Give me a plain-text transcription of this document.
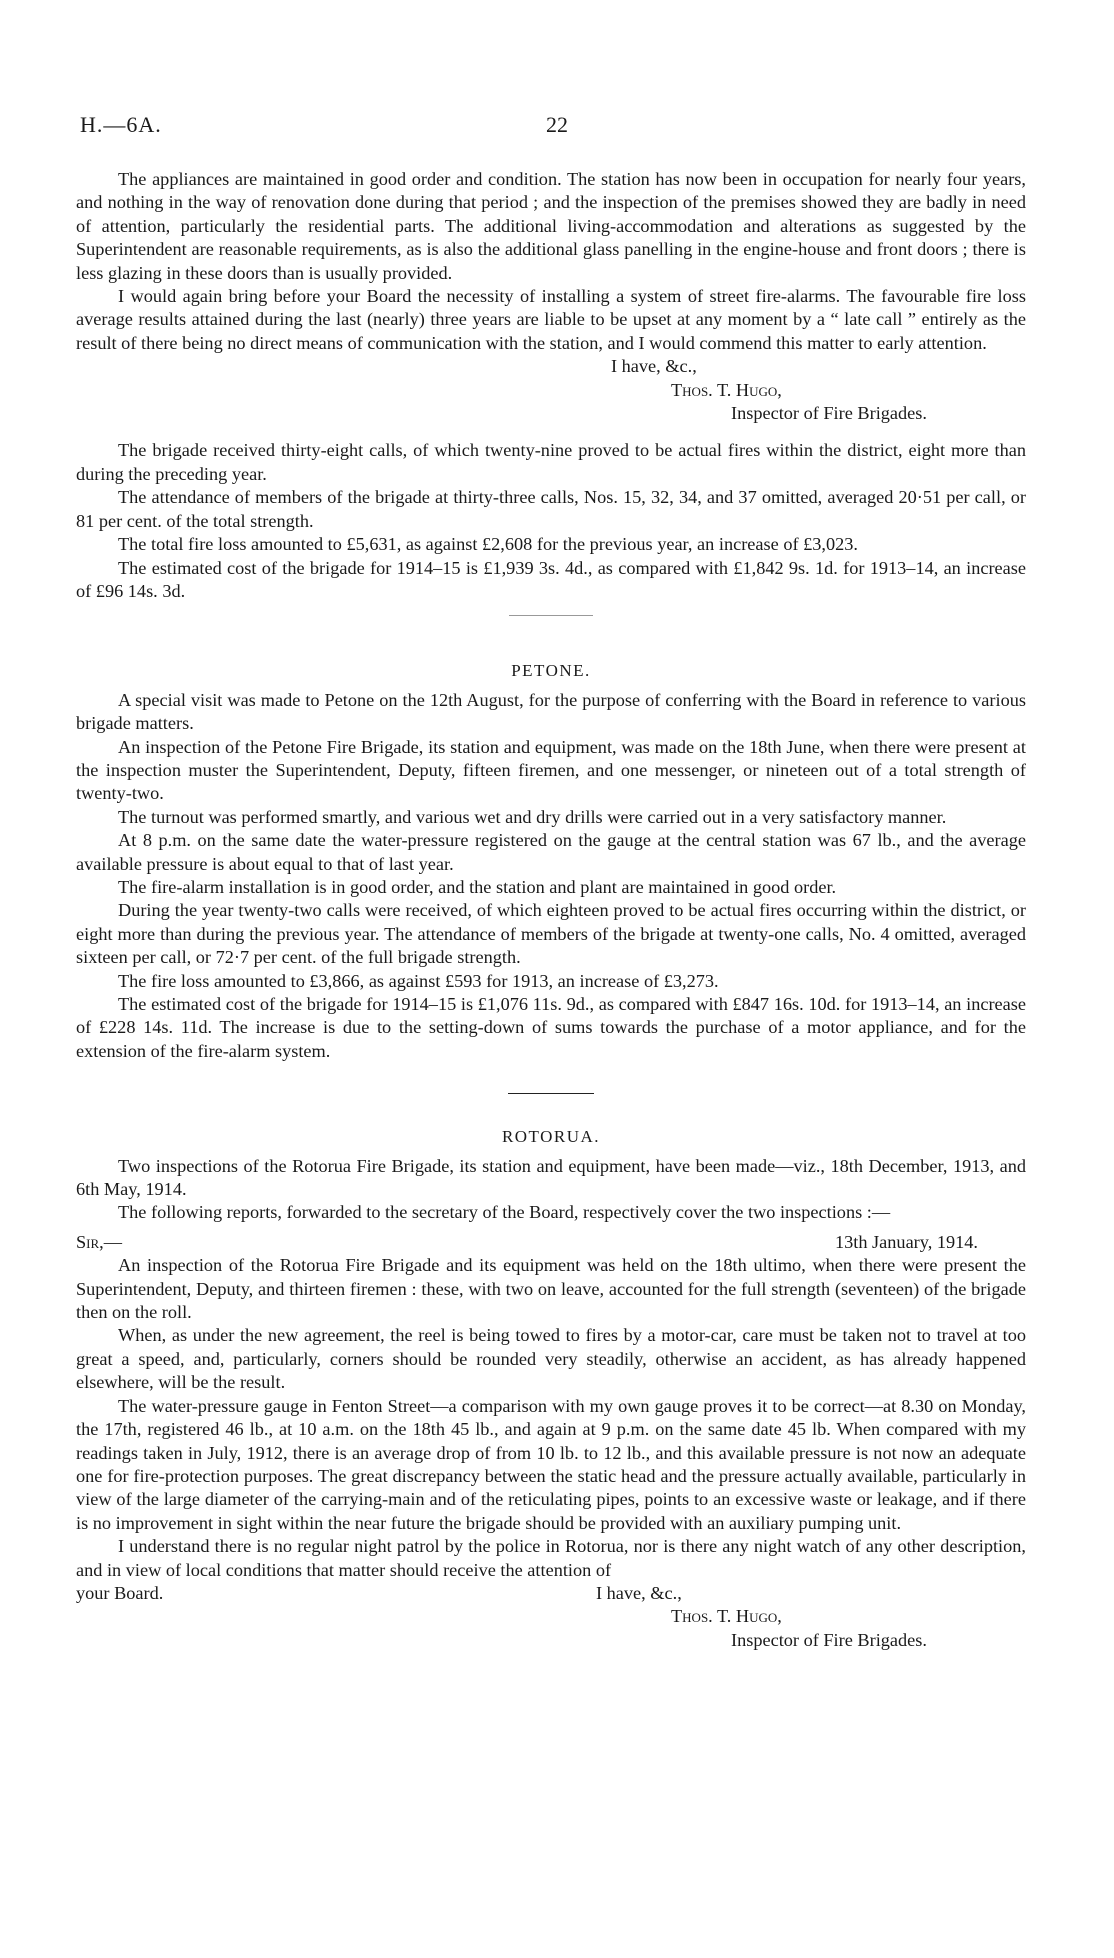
H.—6A.	22

The appliances are maintained in good order and condition. The station has now been in occupation for nearly four years, and nothing in the way of renovation done during that period ; and the inspection of the premises showed they are badly in need of attention, particularly the residential parts. The additional living-accommodation and alterations as suggested by the Superintendent are reasonable requirements, as is also the additional glass panelling in the engine-house and front doors ; there is less glazing in these doors than is usually provided.

I would again bring before your Board the necessity of installing a system of street fire-alarms. The favourable fire loss average results attained during the last (nearly) three years are liable to be upset at any moment by a “ late call ” entirely as the result of there being no direct means of communication with the station, and I would commend this matter to early attention.

I have, &c.,

Thos. T. Hugo,

Inspector of Fire Brigades.

The brigade received thirty-eight calls, of which twenty-nine proved to be actual fires within the district, eight more than during the preceding year.

The attendance of members of the brigade at thirty-three calls, Nos. 15, 32, 34, and 37 omitted, averaged 20·51 per call, or 81 per cent. of the total strength.

The total fire loss amounted to £5,631, as against £2,608 for the previous year, an increase of £3,023.

The estimated cost of the brigade for 1914–15 is £1,939 3s. 4d., as compared with £1,842 9s. 1d. for 1913–14, an increase of £96 14s. 3d.

PETONE.

A special visit was made to Petone on the 12th August, for the purpose of conferring with the Board in reference to various brigade matters.

An inspection of the Petone Fire Brigade, its station and equipment, was made on the 18th June, when there were present at the inspection muster the Superintendent, Deputy, fifteen firemen, and one messenger, or nineteen out of a total strength of twenty-two.

The turnout was performed smartly, and various wet and dry drills were carried out in a very satisfactory manner.

At 8 p.m. on the same date the water-pressure registered on the gauge at the central station was 67 lb., and the average available pressure is about equal to that of last year.

The fire-alarm installation is in good order, and the station and plant are maintained in good order.

During the year twenty-two calls were received, of which eighteen proved to be actual fires occurring within the district, or eight more than during the previous year. The attendance of members of the brigade at twenty-one calls, No. 4 omitted, averaged sixteen per call, or 72·7 per cent. of the full brigade strength.

The fire loss amounted to £3,866, as against £593 for 1913, an increase of £3,273.

The estimated cost of the brigade for 1914–15 is £1,076 11s. 9d., as compared with £847 16s. 10d. for 1913–14, an increase of £228 14s. 11d. The increase is due to the setting-down of sums towards the purchase of a motor appliance, and for the extension of the fire-alarm system.

ROTORUA.

Two inspections of the Rotorua Fire Brigade, its station and equipment, have been made—viz., 18th December, 1913, and 6th May, 1914.

The following reports, forwarded to the secretary of the Board, respectively cover the two inspections :—

Sir,—	13th January, 1914.

An inspection of the Rotorua Fire Brigade and its equipment was held on the 18th ultimo, when there were present the Superintendent, Deputy, and thirteen firemen : these, with two on leave, accounted for the full strength (seventeen) of the brigade then on the roll.

When, as under the new agreement, the reel is being towed to fires by a motor-car, care must be taken not to travel at too great a speed, and, particularly, corners should be rounded very steadily, otherwise an accident, as has already happened elsewhere, will be the result.

The water-pressure gauge in Fenton Street—a comparison with my own gauge proves it to be correct—at 8.30 on Monday, the 17th, registered 46 lb., at 10 a.m. on the 18th 45 lb., and again at 9 p.m. on the same date 45 lb. When compared with my readings taken in July, 1912, there is an average drop of from 10 lb. to 12 lb., and this available pressure is not now an adequate one for fire-protection purposes. The great discrepancy between the static head and the pressure actually available, particularly in view of the large diameter of the carrying-main and of the reticulating pipes, points to an excessive waste or leakage, and if there is no improvement in sight within the near future the brigade should be provided with an auxiliary pumping unit.

I understand there is no regular night patrol by the police in Rotorua, nor is there any night watch of any other description, and in view of local conditions that matter should receive the attention of

your Board.	I have, &c.,

Thos. T. Hugo,

Inspector of Fire Brigades.
